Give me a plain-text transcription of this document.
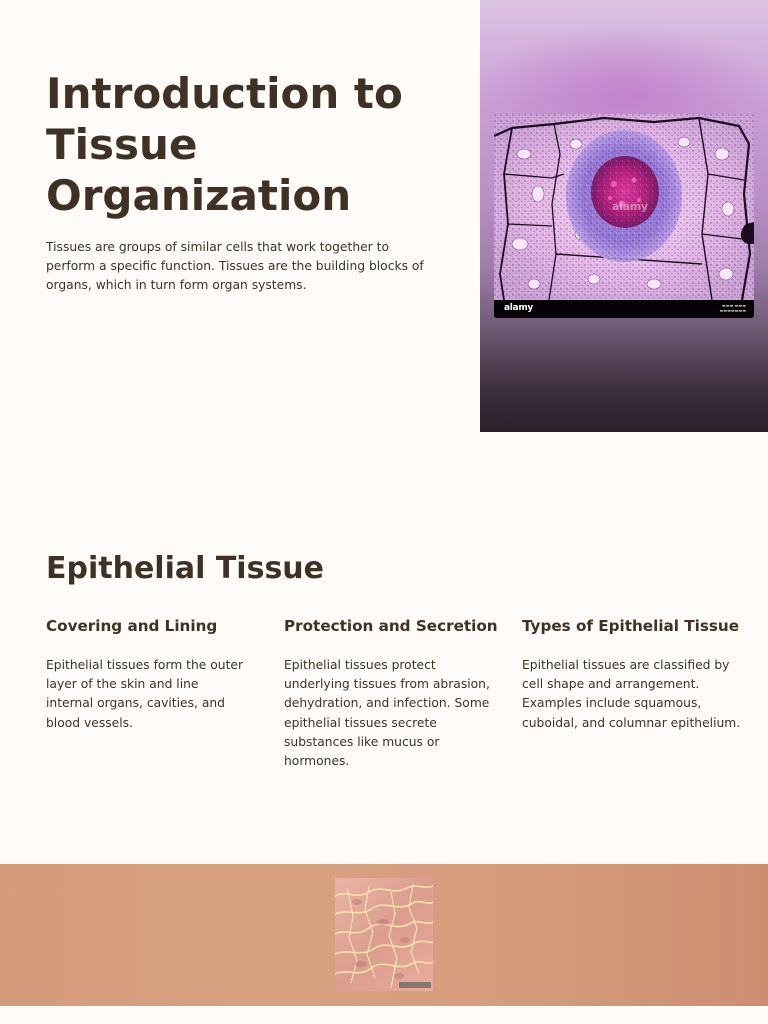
Introduction to Tissue Organization

Tissues are groups of similar cells that work together to perform a specific function. Tissues are the building blocks of organs, which in turn form organ systems.

alamy
alamy	▬▬▬ ▬▬▬
▬▬▬▬▬▬▬
Epithelial Tissue
Covering and Lining

Epithelial tissues form the outer layer of the skin and line internal organs, cavities, and blood vessels.

Protection and Secretion

Epithelial tissues protect underlying tissues from abrasion, dehydration, and infection. Some epithelial tissues secrete substances like mucus or hormones.

Types of Epithelial Tissue

Epithelial tissues are classified by cell shape and arrangement. Examples include squamous, cuboidal, and columnar epithelium.
